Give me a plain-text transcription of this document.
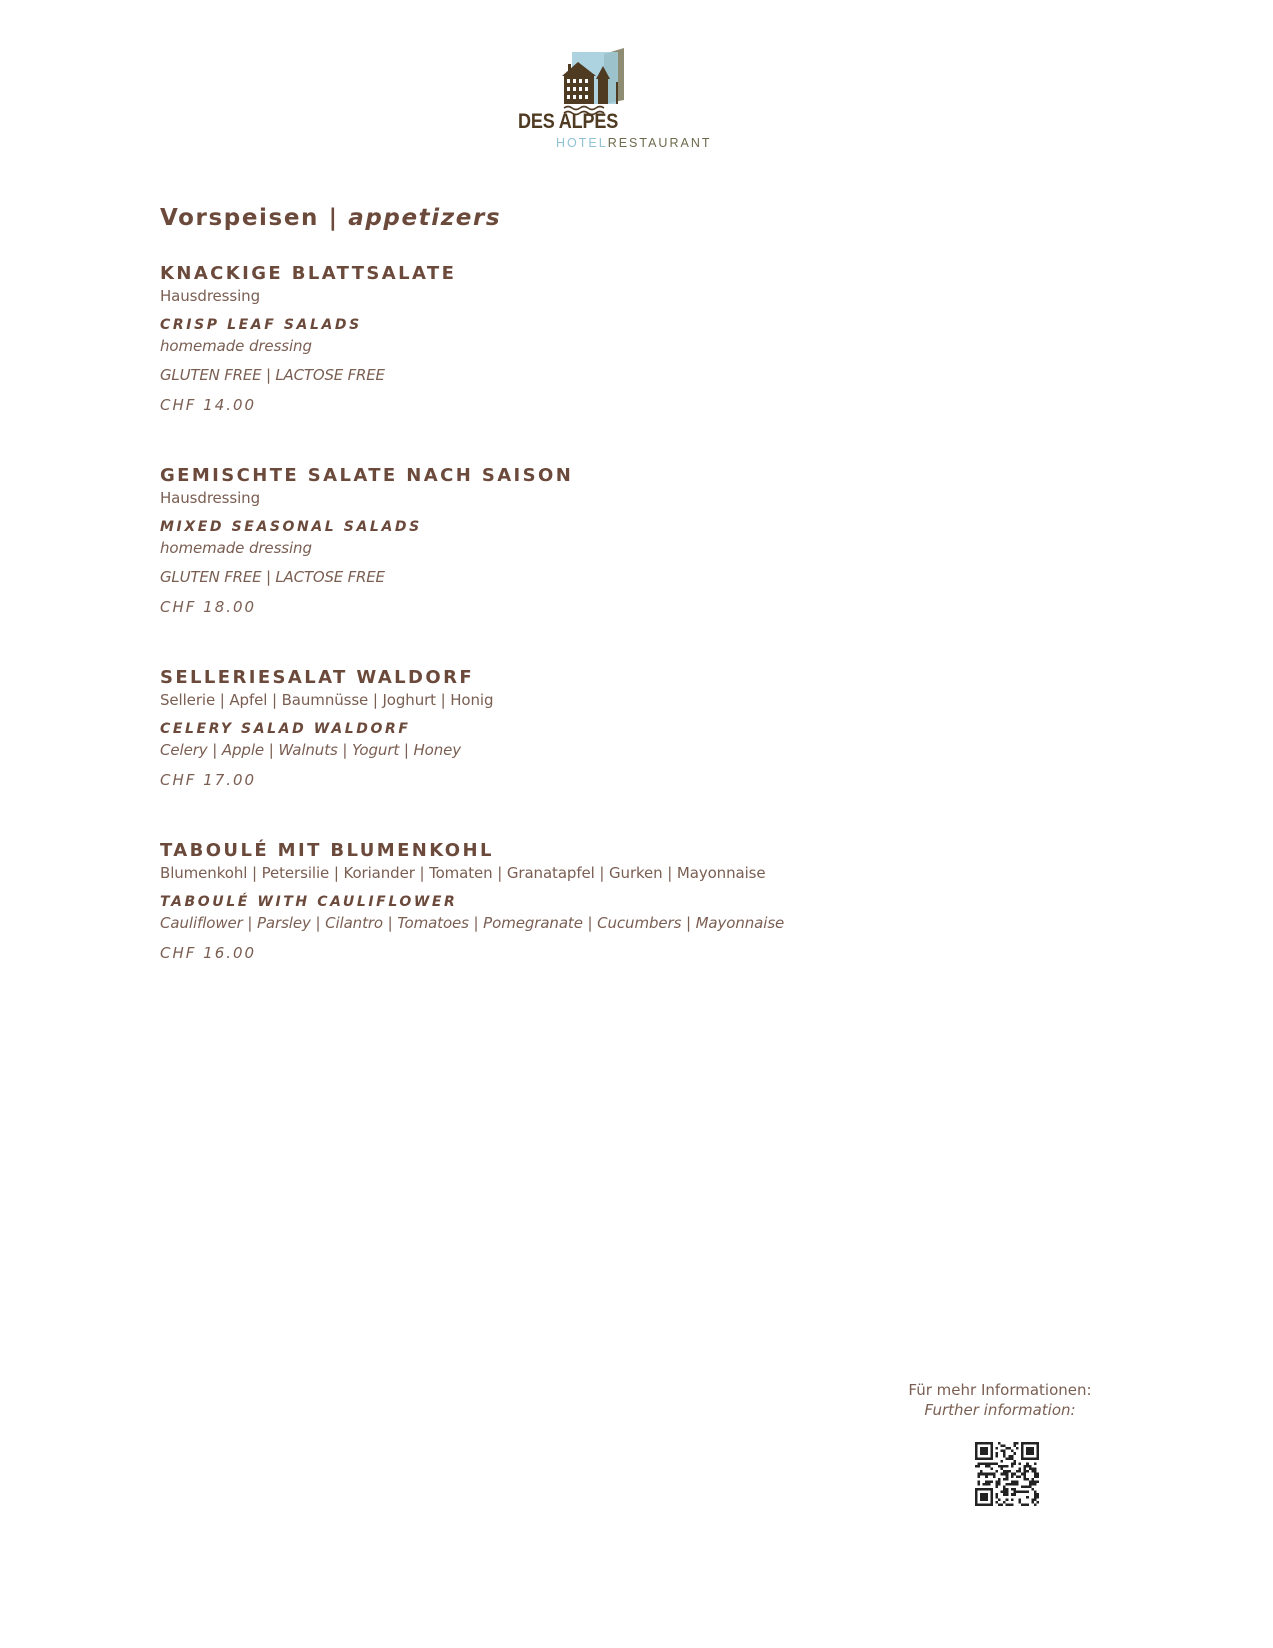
DES ALPES
HOTELRESTAURANT
Vorspeisen | appetizers
KNACKIGE BLATTSALATE
Hausdressing
CRISP LEAF SALADS
homemade dressing
GLUTEN FREE | LACTOSE FREE
CHF 14.00
GEMISCHTE SALATE NACH SAISON
Hausdressing
MIXED SEASONAL SALADS
homemade dressing
GLUTEN FREE | LACTOSE FREE
CHF 18.00
SELLERIESALAT WALDORF
Sellerie | Apfel | Baumnüsse | Joghurt | Honig
CELERY SALAD WALDORF
Celery | Apple | Walnuts | Yogurt | Honey
CHF 17.00
TABOULÉ MIT BLUMENKOHL
Blumenkohl | Petersilie | Koriander | Tomaten | Granatapfel | Gurken | Mayonnaise
TABOULÉ WITH CAULIFLOWER
Cauliflower | Parsley | Cilantro | Tomatoes | Pomegranate | Cucumbers | Mayonnaise
CHF 16.00
Für mehr Informationen:
Further information:
